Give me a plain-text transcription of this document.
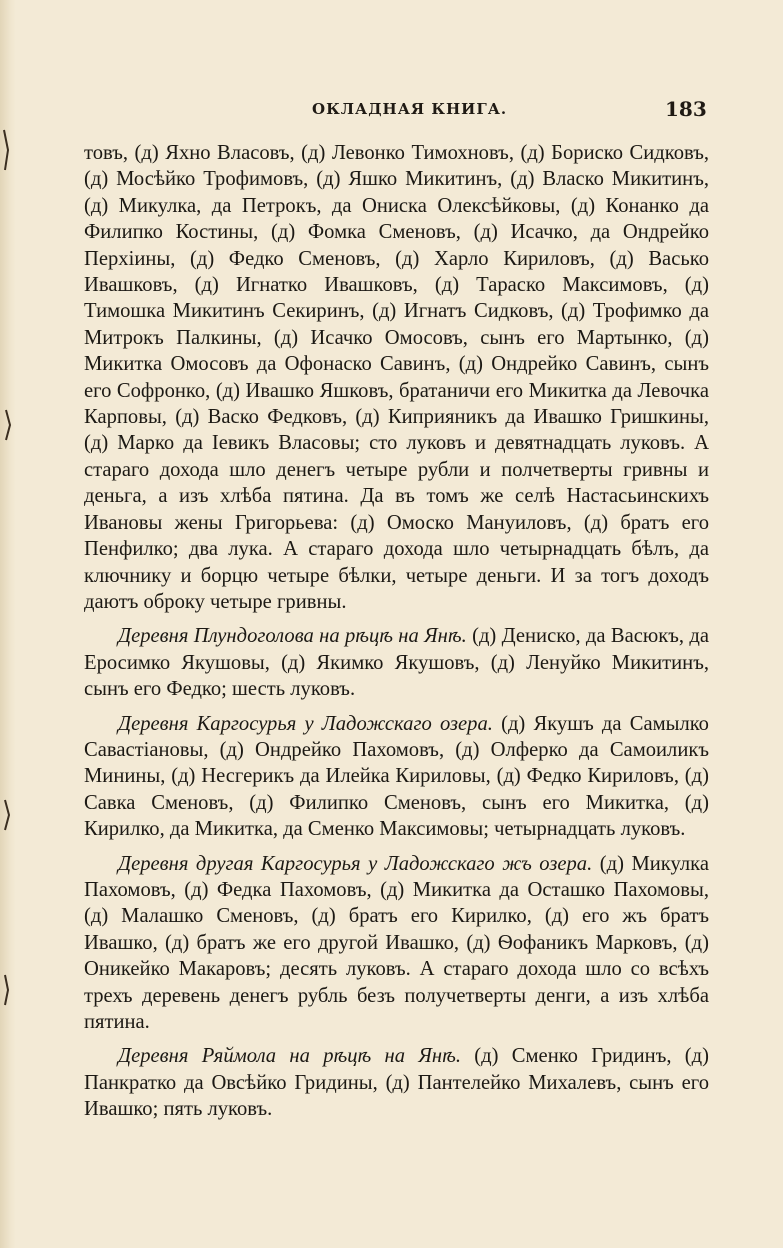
ОКЛАДНАЯ КНИГА.	183

товъ, (д) Яхно Власовъ, (д) Левонко Тимохновъ, (д) Бориско Сидковъ, (д) Мосѣйко Трофимовъ, (д) Яшко Микитинъ, (д) Власко Микитинъ, (д) Микулка, да Петрокъ, да Ониска Олексѣйковы, (д) Конанко да Филипко Костины, (д) Фомка Сменовъ, (д) Исачко, да Ондрейко Перхіины, (д) Федко Сменовъ, (д) Харло Кириловъ, (д) Васько Ивашковъ, (д) Игнатко Ивашковъ, (д) Тараско Максимовъ, (д) Тимошка Микитинъ Секиринъ, (д) Игнатъ Сидковъ, (д) Трофимко да Митрокъ Палкины, (д) Исачко Омосовъ, сынъ его Мартынко, (д) Микитка Омосовъ да Офонаско Савинъ, (д) Ондрейко Савинъ, сынъ его Софронко, (д) Ивашко Яшковъ, братаничи его Микитка да Левочка Карповы, (д) Васко Федковъ, (д) Киприяникъ да Ивашко Гришкины, (д) Марко да Іевикъ Власовы; сто луковъ и девятнадцать луковъ. А стараго дохода шло денегъ четыре рубли и полчетверты гривны и деньга, а изъ хлѣба пятина. Да въ томъ же селѣ Настасьинскихъ Ивановы жены Григорьева: (д) Омоско Мануиловъ, (д) братъ его Пенфилко; два лука. А стараго дохода шло четырнадцать бѣлъ, да ключнику и борцю четыре бѣлки, четыре деньги. И за тогъ доходъ даютъ оброку четыре гривны.

Деревня Плундоголова на рѣцѣ на Янѣ. (д) Дениско, да Васюкъ, да Еросимко Якушовы, (д) Якимко Якушовъ, (д) Ленуйко Микитинъ, сынъ его Федко; шесть луковъ.

Деревня Каргосурья у Ладожскаго озера. (д) Якушъ да Самылко Савастіановы, (д) Ондрейко Пахомовъ, (д) Олферко да Самоиликъ Минины, (д) Несгерикъ да Илейка Кириловы, (д) Федко Кириловъ, (д) Савка Сменовъ, (д) Филипко Сменовъ, сынъ его Микитка, (д) Кирилко, да Микитка, да Сменко Максимовы; четырнадцать луковъ.

Деревня другая Каргосурья у Ладожскаго жъ озера. (д) Микулка Пахомовъ, (д) Федка Пахомовъ, (д) Микитка да Осташко Пахомовы, (д) Малашко Сменовъ, (д) братъ его Кирилко, (д) его жъ братъ Ивашко, (д) братъ же его другой Ивашко, (д) Ѳофаникъ Марковъ, (д) Оникейко Макаровъ; десять луковъ. А стараго дохода шло со всѣхъ трехъ деревень денегъ рубль безъ получетверты денги, а изъ хлѣба пятина.

Деревня Ряймола на рѣцѣ на Янѣ. (д) Сменко Гридинъ, (д) Панкратко да Овсѣйко Гридины, (д) Пантелейко Михалевъ, сынъ его Ивашко; пять луковъ.
